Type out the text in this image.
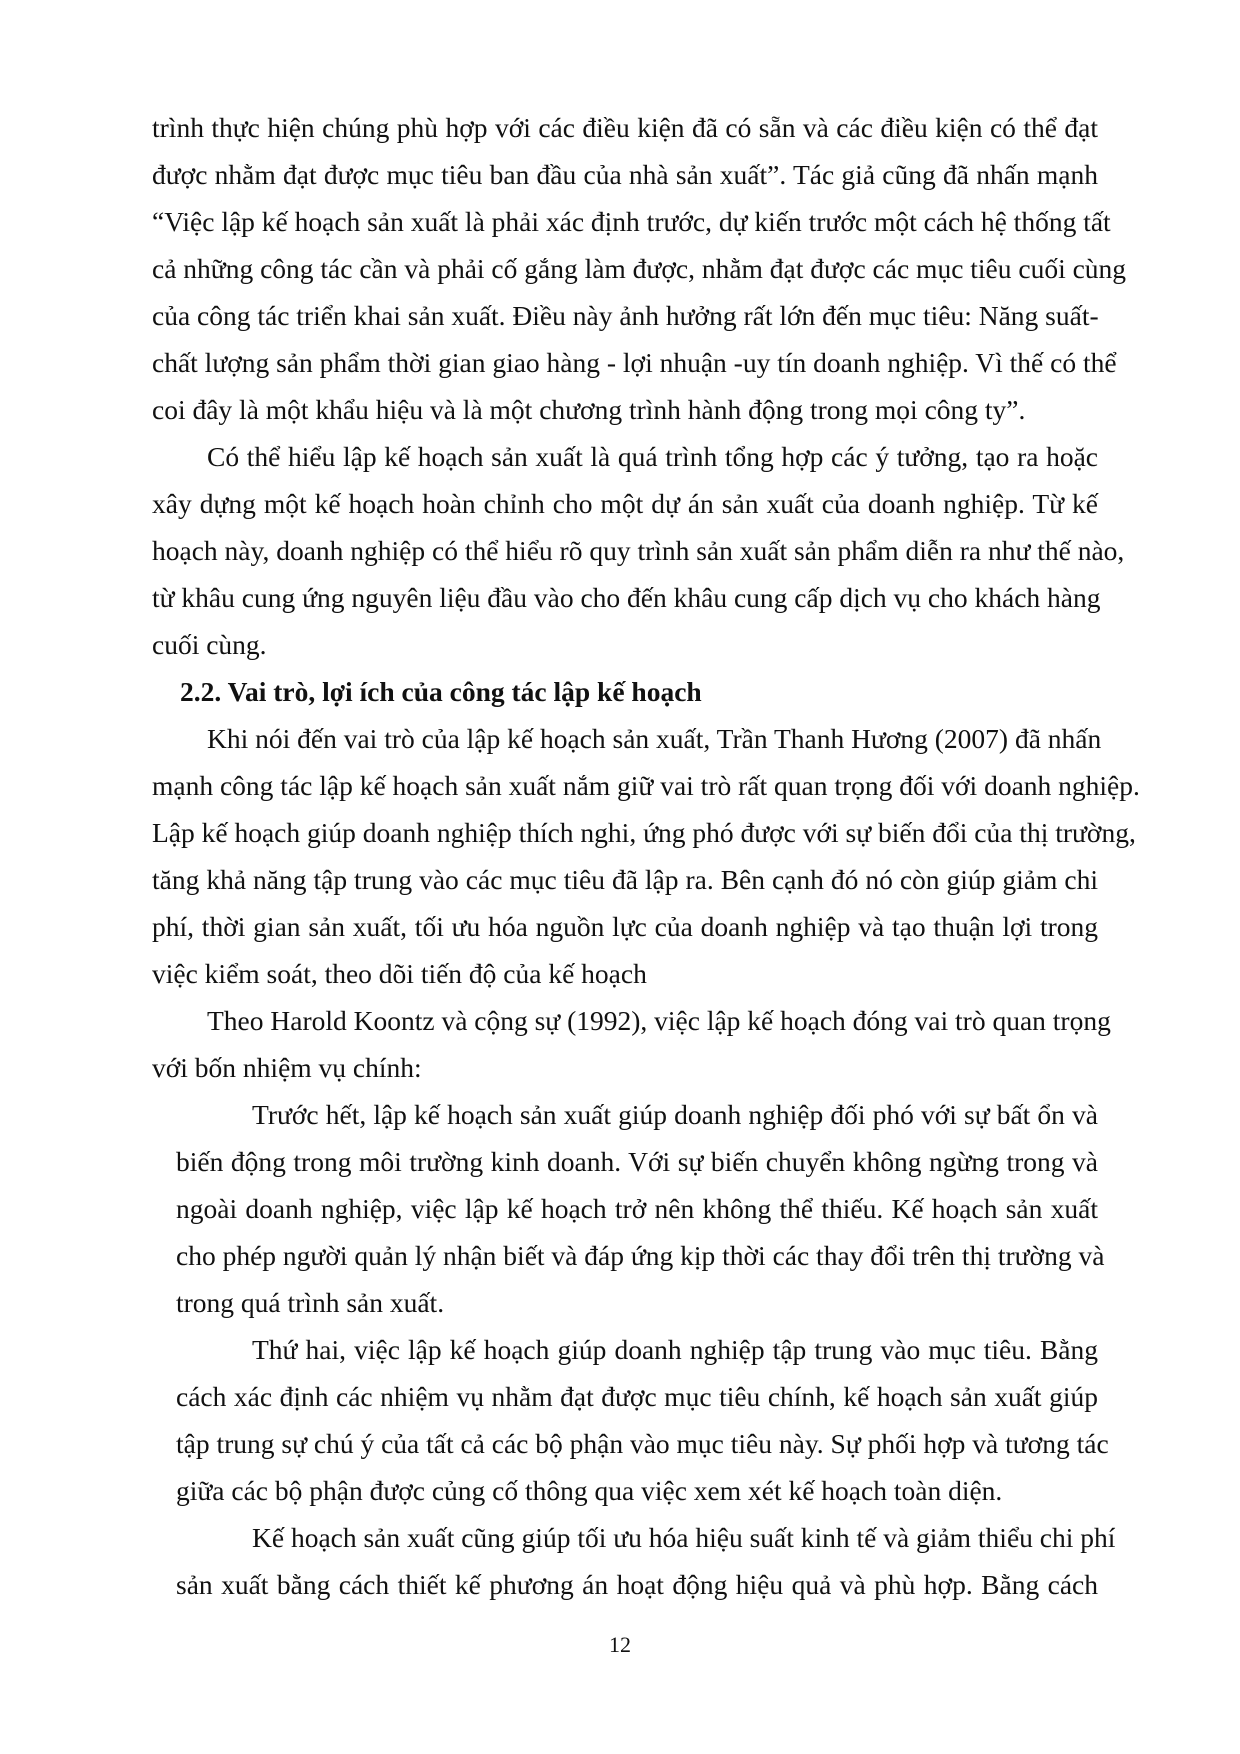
trình thực hiện chúng phù hợp với các điều kiện đã có sẵn và các điều kiện có thể đạt
được nhằm đạt được mục tiêu ban đầu của nhà sản xuất”. Tác giả cũng đã nhấn mạnh
“Việc lập kế hoạch sản xuất là phải xác định trước, dự kiến trước một cách hệ thống tất
cả những công tác cần và phải cố gắng làm được, nhằm đạt được các mục tiêu cuối cùng
của công tác triển khai sản xuất. Điều này ảnh hưởng rất lớn đến mục tiêu: Năng suất-
chất lượng sản phẩm thời gian giao hàng - lợi nhuận -uy tín doanh nghiệp. Vì thế có thể
coi đây là một khẩu hiệu và là một chương trình hành động trong mọi công ty”.
Có thể hiểu lập kế hoạch sản xuất là quá trình tổng hợp các ý tưởng, tạo ra hoặc
xây dựng một kế hoạch hoàn chỉnh cho một dự án sản xuất của doanh nghiệp. Từ kế
hoạch này, doanh nghiệp có thể hiểu rõ quy trình sản xuất sản phẩm diễn ra như thế nào,
từ khâu cung ứng nguyên liệu đầu vào cho đến khâu cung cấp dịch vụ cho khách hàng
cuối cùng.
2.2. Vai trò, lợi ích của công tác lập kế hoạch
Khi nói đến vai trò của lập kế hoạch sản xuất, Trần Thanh Hương (2007) đã nhấn
mạnh công tác lập kế hoạch sản xuất nắm giữ vai trò rất quan trọng đối với doanh nghiệp.
Lập kế hoạch giúp doanh nghiệp thích nghi, ứng phó được với sự biến đổi của thị trường,
tăng khả năng tập trung vào các mục tiêu đã lập ra. Bên cạnh đó nó còn giúp giảm chi
phí, thời gian sản xuất, tối ưu hóa nguồn lực của doanh nghiệp và tạo thuận lợi trong
việc kiểm soát, theo dõi tiến độ của kế hoạch
Theo Harold Koontz và cộng sự (1992), việc lập kế hoạch đóng vai trò quan trọng
với bốn nhiệm vụ chính:
Trước hết, lập kế hoạch sản xuất giúp doanh nghiệp đối phó với sự bất ổn và
biến động trong môi trường kinh doanh. Với sự biến chuyển không ngừng trong và
ngoài doanh nghiệp, việc lập kế hoạch trở nên không thể thiếu. Kế hoạch sản xuất
cho phép người quản lý nhận biết và đáp ứng kịp thời các thay đổi trên thị trường và
trong quá trình sản xuất.
Thứ hai, việc lập kế hoạch giúp doanh nghiệp tập trung vào mục tiêu. Bằng
cách xác định các nhiệm vụ nhằm đạt được mục tiêu chính, kế hoạch sản xuất giúp
tập trung sự chú ý của tất cả các bộ phận vào mục tiêu này. Sự phối hợp và tương tác
giữa các bộ phận được củng cố thông qua việc xem xét kế hoạch toàn diện.
Kế hoạch sản xuất cũng giúp tối ưu hóa hiệu suất kinh tế và giảm thiểu chi phí
sản xuất bằng cách thiết kế phương án hoạt động hiệu quả và phù hợp. Bằng cách
12
